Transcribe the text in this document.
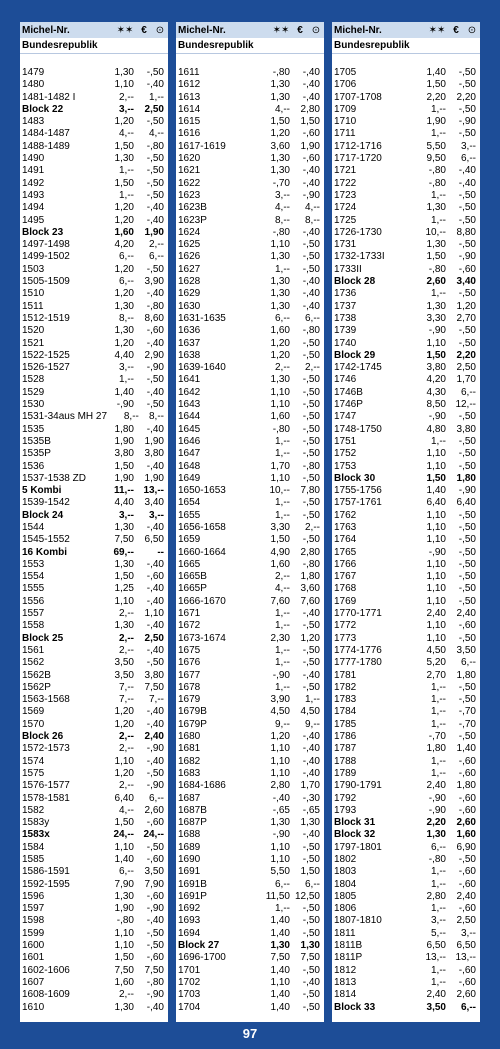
Michel-Nr.	✶✶ € ⊙
Bundesrepublik
1479	1,30	-,50
1480	1,10	-,40
1481-1482 I	2,--	1,--
Block 22	3,--	2,50
1483	1,20	-,50
1484-1487	4,--	4,--
1488-1489	1,50	-,80
1490	1,30	-,50
1491	1,--	-,50
1492	1,50	-,50
1493	1,--	-,50
1494	1,20	-,40
1495	1,20	-,40
Block 23	1,60	1,90
1497-1498	4,20	2,--
1499-1502	6,--	6,--
1503	1,20	-,50
1505-1509	6,--	3,90
1510	1,20	-,40
1511	1,30	-,80
1512-1519	8,--	8,60
1520	1,30	-,60
1521	1,20	-,40
1522-1525	4,40	2,90
1526-1527	3,--	-,90
1528	1,--	-,50
1529	1,40	-,40
1530	-,90	-,50
1531-34aus MH 27	8,--	8,--
1535	1,80	-,40
1535B	1,90	1,90
1535P	3,80	3,80
1536	1,50	-,40
1537-1538 ZD	1,90	1,90
5 Kombi	11,-- 13,--
1539-1542	4,40	3,40
Block 24	3,--	3,--
1544	1,30	-,40
1545-1552	7,50	6,50
16 Kombi	69,--	--
1553	1,30	-,40
1554	1,50	-,60
1555	1,25	-,40
1556	1,10	-,40
1557	2,--	1,10
1558	1,30	-,40
Block 25	2,--	2,50
1561	2,--	-,40
1562	3,50	-,50
1562B	3,50	3,80
1562P	7,--	7,50
1563-1568	7,--	7,--
1569	1,20	-,40
1570	1,20	-,40
Block 26	2,--	2,40
1572-1573	2,--	-,90
1574	1,10	-,40
1575	1,20	-,50
1576-1577	2,--	-,90
1578-1581	6,40	6,--
1582	4,--	2,60
1583y	1,50	-,60
1583x	24,-- 24,--
1584	1,10	-,50
1585	1,40	-,60
1586-1591	6,--	3,50
1592-1595	7,90	7,90
1596	1,30	-,60
1597	1,90	-,90
1598	-,80	-,40
1599	1,10	-,50
1600	1,10	-,50
1601	1,50	-,60
1602-1606	7,50	7,50
1607	1,60	-,80
1608-1609	2,--	-,90
1610	1,30	-,40
Michel-Nr.	✶✶ € ⊙
Bundesrepublik
1611	-,80	-,40
1612	1,30	-,40
1613	1,30	-,40
1614	4,--	2,80
1615	1,50	1,50
1616	1,20	-,60
1617-1619	3,60	1,90
1620	1,30	-,60
1621	1,30	-,40
1622	-,70	-,40
1623	3,--	-,90
1623B	4,--	4,--
1623P	8,--	8,--
1624	-,80	-,40
1625	1,10	-,50
1626	1,30	-,50
1627	1,--	-,50
1628	1,30	-,40
1629	1,30	-,40
1630	1,30	-,40
1631-1635	6,--	6,--
1636	1,60	-,80
1637	1,20	-,50
1638	1,20	-,50
1639-1640	2,--	2,--
1641	1,30	-,50
1642	1,10	-,50
1643	1,10	-,50
1644	1,60	-,50
1645	-,80	-,50
1646	1,--	-,50
1647	1,--	-,50
1648	1,70	-,80
1649	1,10	-,50
1650-1653	10,--	7,80
1654	1,--	-,50
1655	1,--	-,50
1656-1658	3,30	2,--
1659	1,50	-,50
1660-1664	4,90	2,80
1665	1,60	-,80
1665B	2,--	1,80
1665P	4,--	3,60
1666-1670	7,60	7,60
1671	1,--	-,40
1672	1,--	-,50
1673-1674	2,30	1,20
1675	1,--	-,50
1676	1,--	-,50
1677	-,90	-,40
1678	1,--	-,50
1679	3,90	1,--
1679B	4,50	4,50
1679P	9,--	9,--
1680	1,20	-,40
1681	1,10	-,40
1682	1,10	-,40
1683	1,10	-,40
1684-1686	2,80	1,70
1687	-,40	-,30
1687B	-,65	-,65
1687P	1,30	1,30
1688	-,90	-,40
1689	1,10	-,50
1690	1,10	-,50
1691	5,50	1,50
1691B	6,--	6,--
1691P	11,50 12,50
1692	1,--	-,50
1693	1,40	-,50
1694	1,40	-,50
Block 27	1,30	1,30
1696-1700	7,50	7,50
1701	1,40	-,50
1702	1,10	-,40
1703	1,40	-,50
1704	1,40	-,50
Michel-Nr.	✶✶ € ⊙
Bundesrepublik
1705	1,40	-,50
1706	1,50	-,50
1707-1708	2,20	2,20
1709	1,--	-,50
1710	1,90	-,90
1711	1,--	-,50
1712-1716	5,50	3,--
1717-1720	9,50	6,--
1721	-,80	-,40
1722	-,80	-,40
1723	1,--	-,50
1724	1,30	-,50
1725	1,--	-,50
1726-1730	10,--	8,80
1731	1,30	-,50
1732-1733I	1,50	-,90
1733II	-,80	-,60
Block 28	2,60	3,40
1736	1,--	-,50
1737	1,30	1,20
1738	3,30	2,70
1739	-,90	-,50
1740	1,10	-,50
Block 29	1,50	2,20
1742-1745	3,80	2,50
1746	4,20	1,70
1746B	4,30	6,--
1746P	8,50 12,--
1747	-,90	-,50
1748-1750	4,80	3,80
1751	1,--	-,50
1752	1,10	-,50
1753	1,10	-,50
Block 30	1,50	1,80
1755-1756	1,40	-,90
1757-1761	6,40	6,40
1762	1,10	-,50
1763	1,10	-,50
1764	1,10	-,50
1765	-,90	-,50
1766	1,10	-,50
1767	1,10	-,50
1768	1,10	-,50
1769	1,10	-,50
1770-1771	2,40	2,40
1772	1,10	-,60
1773	1,10	-,50
1774-1776	4,50	3,50
1777-1780	5,20	6,--
1781	2,70	1,80
1782	1,--	-,50
1783	1,--	-,50
1784	1,--	-,70
1785	1,--	-,70
1786	-,70	-,50
1787	1,80	1,40
1788	1,--	-,60
1789	1,--	-,60
1790-1791	2,40	1,80
1792	-,90	-,60
1793	-,90	-,60
Block 31	2,20	2,60
Block 32	1,30	1,60
1797-1801	6,--	6,90
1802	-,80	-,50
1803	1,--	-,60
1804	1,--	-,60
1805	2,80	2,40
1806	1,--	-,60
1807-1810	3,--	2,50
1811	5,--	3,--
1811B	6,50	6,50
1811P	13,-- 13,--
1812	1,--	-,60
1813	1,--	-,60
1814	2,40	2,60
Block 33	3,50	6,--
97
